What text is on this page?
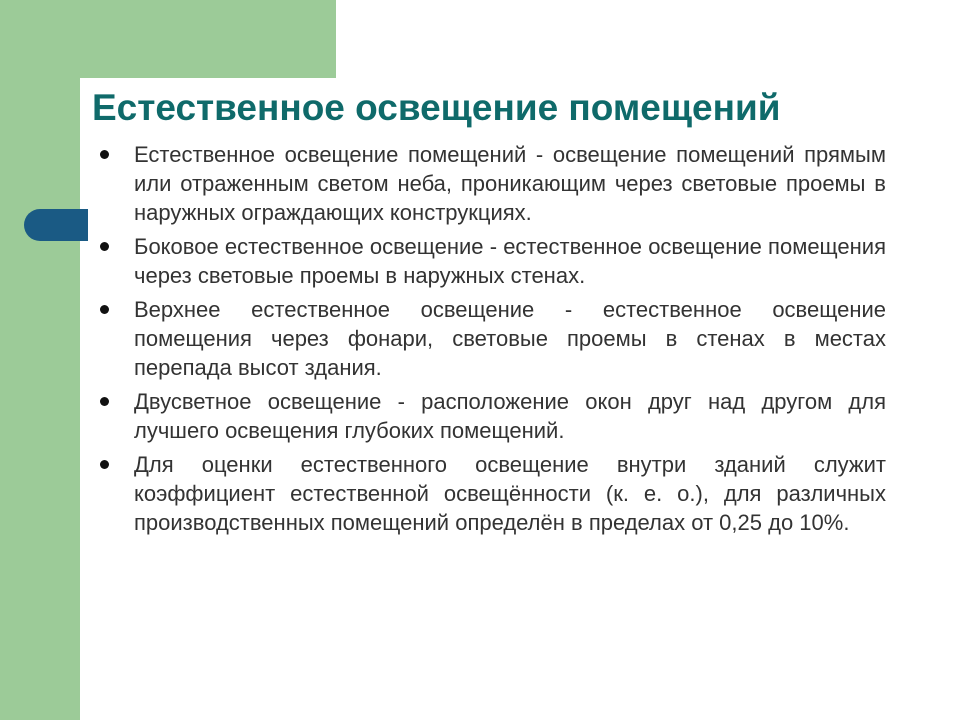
Естественное освещение помещений
Естественное освещение помещений - освещение помещений прямым или отраженным светом неба, проникающим через световые проемы в наружных ограждающих конструкциях.
Боковое естественное освещение - естественное освещение помещения через световые проемы в наружных стенах.
Верхнее естественное освещение - естественное освещение помещения через фонари, световые проемы в стенах в местах перепада высот здания.
Двусветное освещение - расположение окон друг над другом для лучшего освещения глубоких помещений.
Для оценки естественного освещение внутри зданий служит коэффициент естественной освещённости (к. е. о.), для различных производственных помещений определён в пределах от 0,25 до 10%.
